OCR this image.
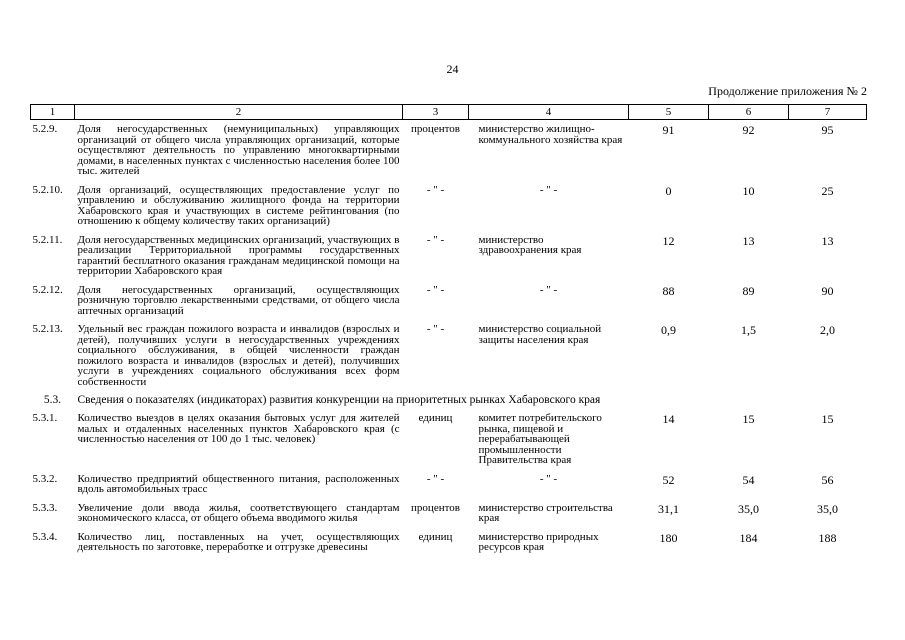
24
Продолжение приложения № 2
1	2	3	4	5	6	7
5.2.9.	Доля негосударственных (немуниципальных) управляющих организаций от общего числа управляющих организаций, которые осуществляют деятельность по управлению многоквартирными домами, в населенных пунктах с численностью населения более 100 тыс. жителей	процентов	министерство жилищно-коммунального хозяйства края	91	92	95
5.2.10.	Доля организаций, осуществляющих предоставление услуг по управлению и обслуживанию жилищного фонда на территории Хабаровского края и участвующих в системе рейтингования (по отношению к общему количеству таких организаций)	- " -	- " -	0	10	25
5.2.11.	Доля негосударственных медицинских организаций, участвующих в реализации Территориальной программы государственных гарантий бесплатного оказания гражданам медицинской помощи на территории Хабаровского края	- " -	министерство здравоохранения края	12	13	13
5.2.12.	Доля негосударственных организаций, осуществляющих розничную торговлю лекарственными средствами, от общего числа аптечных организаций	- " -	- " -	88	89	90
5.2.13.	Удельный вес граждан пожилого возраста и инвалидов (взрослых и детей), получивших услуги в негосударственных учреждениях социального обслуживания, в общей численности граждан пожилого возраста и инвалидов (взрослых и детей), получивших услуги в учреждениях социального обслуживания всех форм собственности	- " -	министерство социальной защиты населения края	0,9	1,5	2,0
5.3.	Сведения о показателях (индикаторах) развития конкуренции на приоритетных рынках Хабаровского края					
5.3.1.	Количество выездов в целях оказания бытовых услуг для жителей малых и отдаленных населенных пунктов Хабаровского края (с численностью населения от 100 до 1 тыс. человек)	единиц	комитет потребительского рынка, пищевой и перерабатывающей промышленности Правительства края	14	15	15
5.3.2.	Количество предприятий общественного питания, расположенных вдоль автомобильных трасс	- " -	- " -	52	54	56
5.3.3.	Увеличение доли ввода жилья, соответствующего стандартам экономического класса, от общего объема вводимого жилья	процентов	министерство строительства края	31,1	35,0	35,0
5.3.4.	Количество лиц, поставленных на учет, осуществляющих деятельность по заготовке, переработке и отгрузке древесины	единиц	министерство природных ресурсов края	180	184	188
